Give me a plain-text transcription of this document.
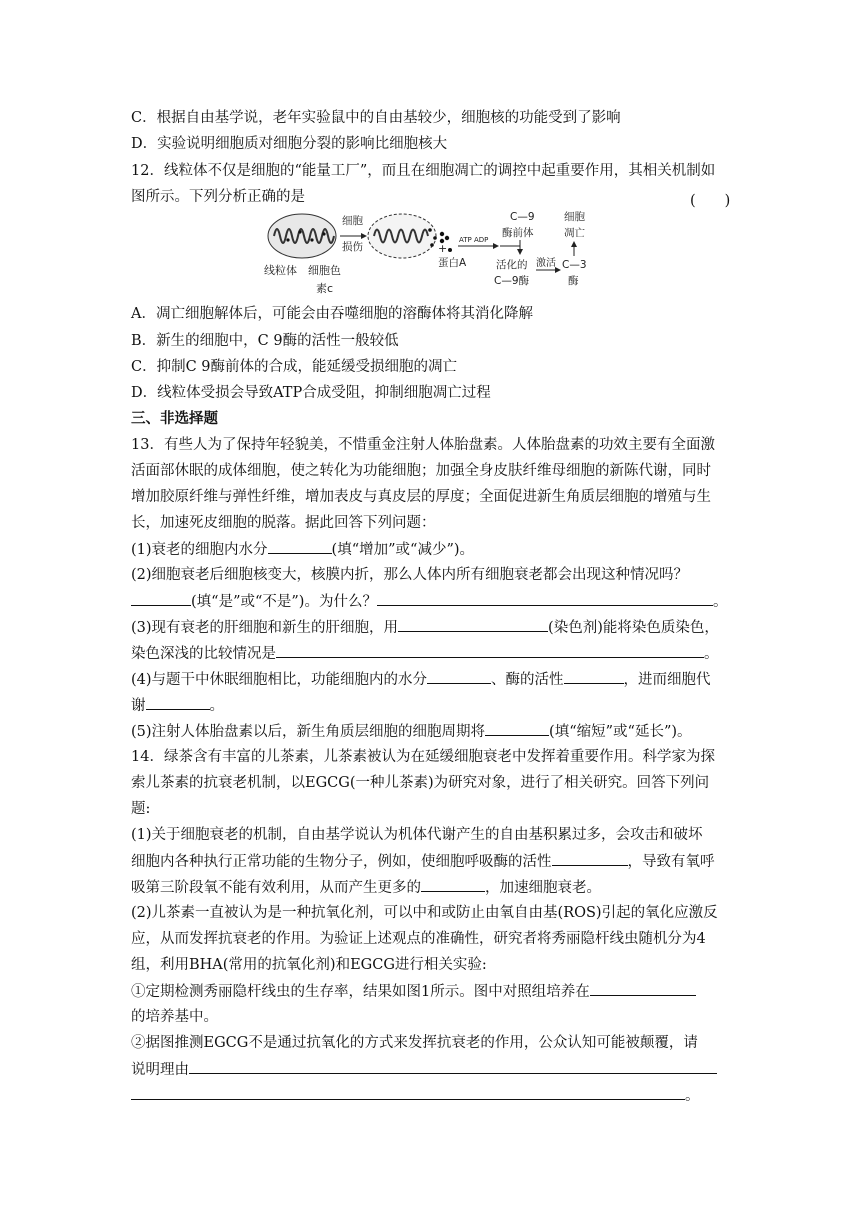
C．根据自由基学说，老年实验鼠中的自由基较少，细胞核的功能受到了影响
D．实验说明细胞质对细胞分裂的影响比细胞核大
12．线粒体不仅是细胞的“能量工厂”，而且在细胞凋亡的调控中起重要作用，其相关机制如
图所示。下列分析正确的是	(　　)
细胞
损伤	+
蛋白A
ATP ADP
C—9
酶前体
活化的
C—9酶
激活 C—3
酶
细胞
凋亡
线粒体 细胞色
素c
A．凋亡细胞解体后，可能会由吞噬细胞的溶酶体将其消化降解
B．新生的细胞中，C 9酶的活性一般较低
C．抑制C 9酶前体的合成，能延缓受损细胞的凋亡
D．线粒体受损会导致ATP合成受阻，抑制细胞凋亡过程
三、非选择题
13．有些人为了保持年轻貌美，不惜重金注射人体胎盘素。人体胎盘素的功效主要有全面激
活面部休眠的成体细胞，使之转化为功能细胞；加强全身皮肤纤维母细胞的新陈代谢，同时
增加胶原纤维与弹性纤维，增加表皮与真皮层的厚度；全面促进新生角质层细胞的增殖与生
长，加速死皮细胞的脱落。据此回答下列问题：
(1)衰老的细胞内水分	(填“增加”或“减少”)。
(2)细胞衰老后细胞核变大，核膜内折，那么人体内所有细胞衰老都会出现这种情况吗？
(填“是”或“不是”)。为什么？	。
(3)现有衰老的肝细胞和新生的肝细胞，用	(染色剂)能将染色质染色，
染色深浅的比较情况是	。
(4)与题干中休眠细胞相比，功能细胞内的水分	、酶的活性	，进而细胞代
谢	。
(5)注射人体胎盘素以后，新生角质层细胞的细胞周期将	(填“缩短”或“延长”)。
14．绿茶含有丰富的儿茶素，儿茶素被认为在延缓细胞衰老中发挥着重要作用。科学家为探
索儿茶素的抗衰老机制，以EGCG(一种儿茶素)为研究对象，进行了相关研究。回答下列问
题:
(1)关于细胞衰老的机制，自由基学说认为机体代谢产生的自由基积累过多，会攻击和破坏
细胞内各种执行正常功能的生物分子，例如，使细胞呼吸酶的活性	，导致有氧呼
吸第三阶段氧不能有效利用，从而产生更多的	，加速细胞衰老。
(2)儿茶素一直被认为是一种抗氧化剂，可以中和或防止由氧自由基(ROS)引起的氧化应激反
应，从而发挥抗衰老的作用。为验证上述观点的准确性，研究者将秀丽隐杆线虫随机分为4
组，利用BHA(常用的抗氧化剂)和EGCG进行相关实验:
①定期检测秀丽隐杆线虫的生存率，结果如图1所示。图中对照组培养在
的培养基中。
②据图推测EGCG不是通过抗氧化的方式来发挥抗衰老的作用，公众认知可能被颠覆，请
说明理由
。
